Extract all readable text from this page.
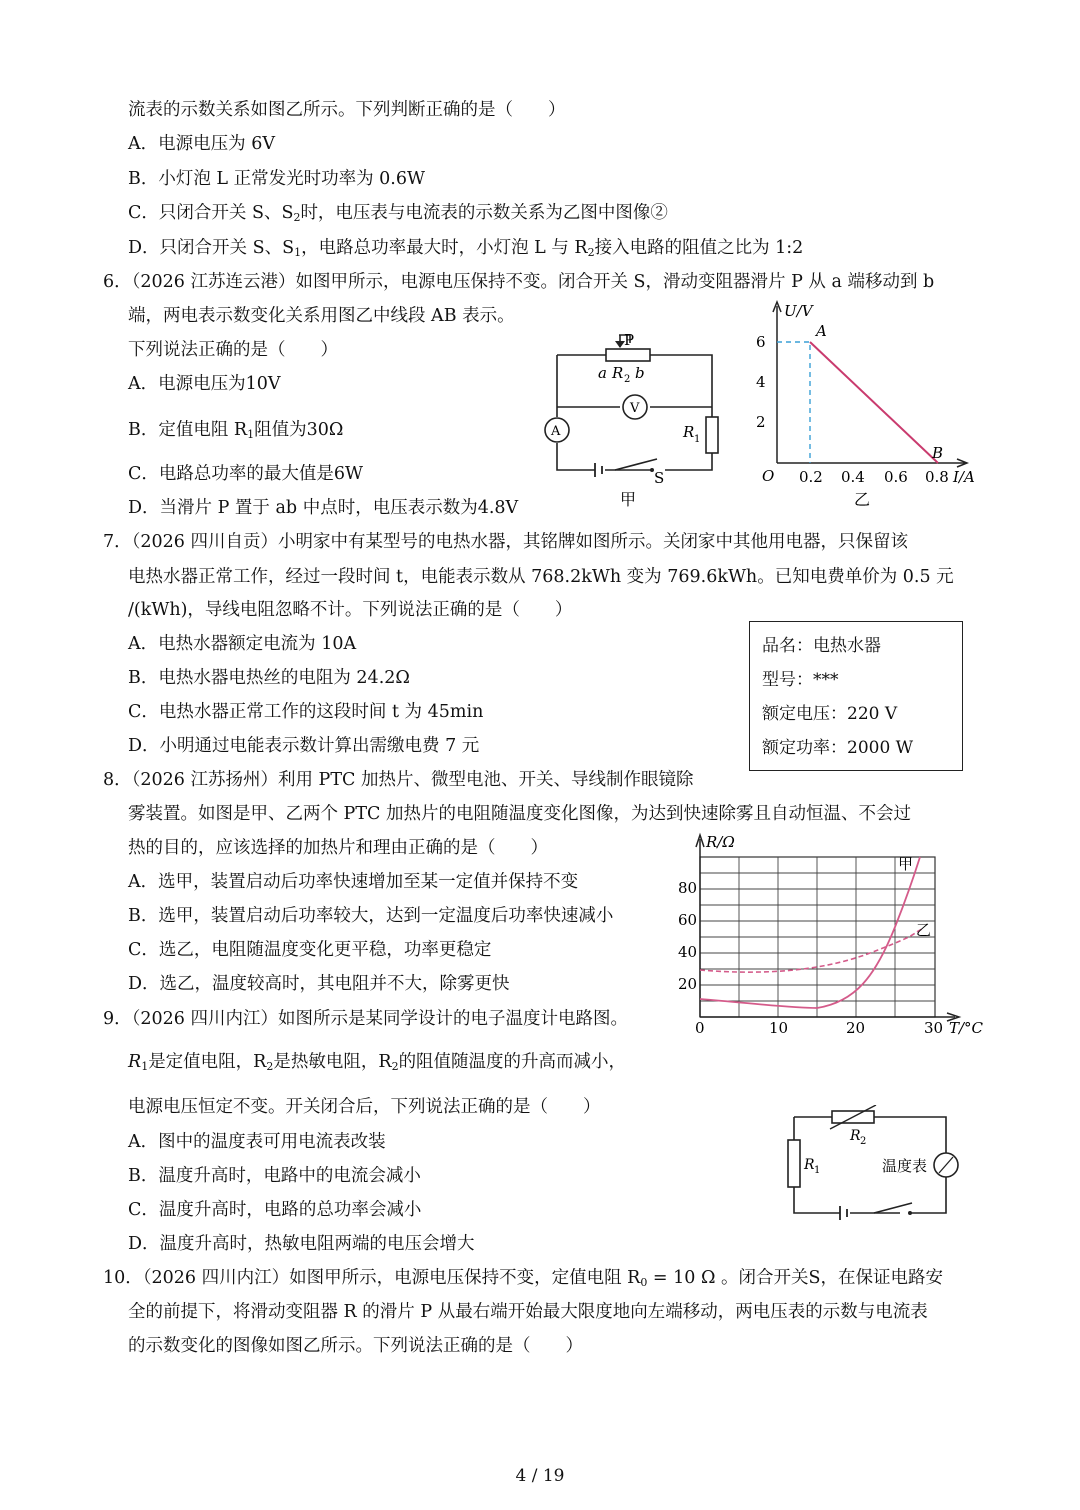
流表的示数关系如图乙所示。下列判断正确的是（　　）
A．电源电压为 6V
B．小灯泡 L 正常发光时功率为 0.6W
C．只闭合开关 S、$S_2$时，电压表与电流表的示数关系为乙图中图像②
D．只闭合开关 S、$S_1$，电路总功率最大时，小灯泡 L 与 $R_2$接入电路的阻值之比为 1:2
6．（2026 江苏连云港）如图甲所示，电源电压保持不变。闭合开关 S，滑动变阻器滑片 P 从 a 端移动到 b
端，两电表示数变化关系用图乙中线段 AB 表示。
下列说法正确的是（　　）
A．电源电压为10V
B．定值电阻 $R_1$阻值为30Ω
C．电路总功率的最大值是6W
D．当滑片 P 置于 ab 中点时，电压表示数为4.8V
P
a R 2 b
V
A	R 1
S
甲
U/V
A
B
6
4
2
O 0.2 0.4 0.6 0.8 I/A
乙
7．（2026 四川自贡）小明家中有某型号的电热水器，其铭牌如图所示。关闭家中其他用电器，只保留该
电热水器正常工作，经过一段时间 t，电能表示数从 768.2kWh 变为 769.6kWh。已知电费单价为 0.5 元
/(kWh)，导线电阻忽略不计。下列说法正确的是（　　）
A．电热水器额定电流为 10A
B．电热水器电热丝的电阻为 24.2Ω
C．电热水器正常工作的这段时间 t 为 45min
D．小明通过电能表示数计算出需缴电费 7 元
品名：电热水器
型号：***
额定电压：220 V
额定功率：2000 W
8．（2026 江苏扬州）利用 PTC 加热片、微型电池、开关、导线制作眼镜除
雾装置。如图是甲、乙两个 PTC 加热片的电阻随温度变化图像，为达到快速除雾且自动恒温、不会过
热的目的，应该选择的加热片和理由正确的是（　　）
A．选甲，装置启动后功率快速增加至某一定值并保持不变
B．选甲，装置启动后功率较大，达到一定温度后功率快速减小
C．选乙，电阻随温度变化更平稳，功率更稳定
D．选乙，温度较高时，其电阻并不大，除雾更快
R/Ω
甲
乙
80
60
40
20
0	10	20	30 T/°C
9．（2026 四川内江）如图所示是某同学设计的电子温度计电路图。
$R_1$是定值电阻，$R_2$是热敏电阻，$R_2$的阻值随温度的升高而减小，
电源电压恒定不变。开关闭合后，下列说法正确的是（　　）
A．图中的温度表可用电流表改装
B．温度升高时，电路中的电流会减小
C．温度升高时，电路的总功率会减小
D．温度升高时，热敏电阻两端的电压会增大
R 1
R 2
温度表
10．（2026 四川内江）如图甲所示，电源电压保持不变，定值电阻 $R_0 = 10$ Ω 。闭合开关S，在保证电路安
全的前提下，将滑动变阻器 R 的滑片 P 从最右端开始最大限度地向左端移动，两电压表的示数与电流表
的示数变化的图像如图乙所示。下列说法正确的是（　　）
4 / 19
